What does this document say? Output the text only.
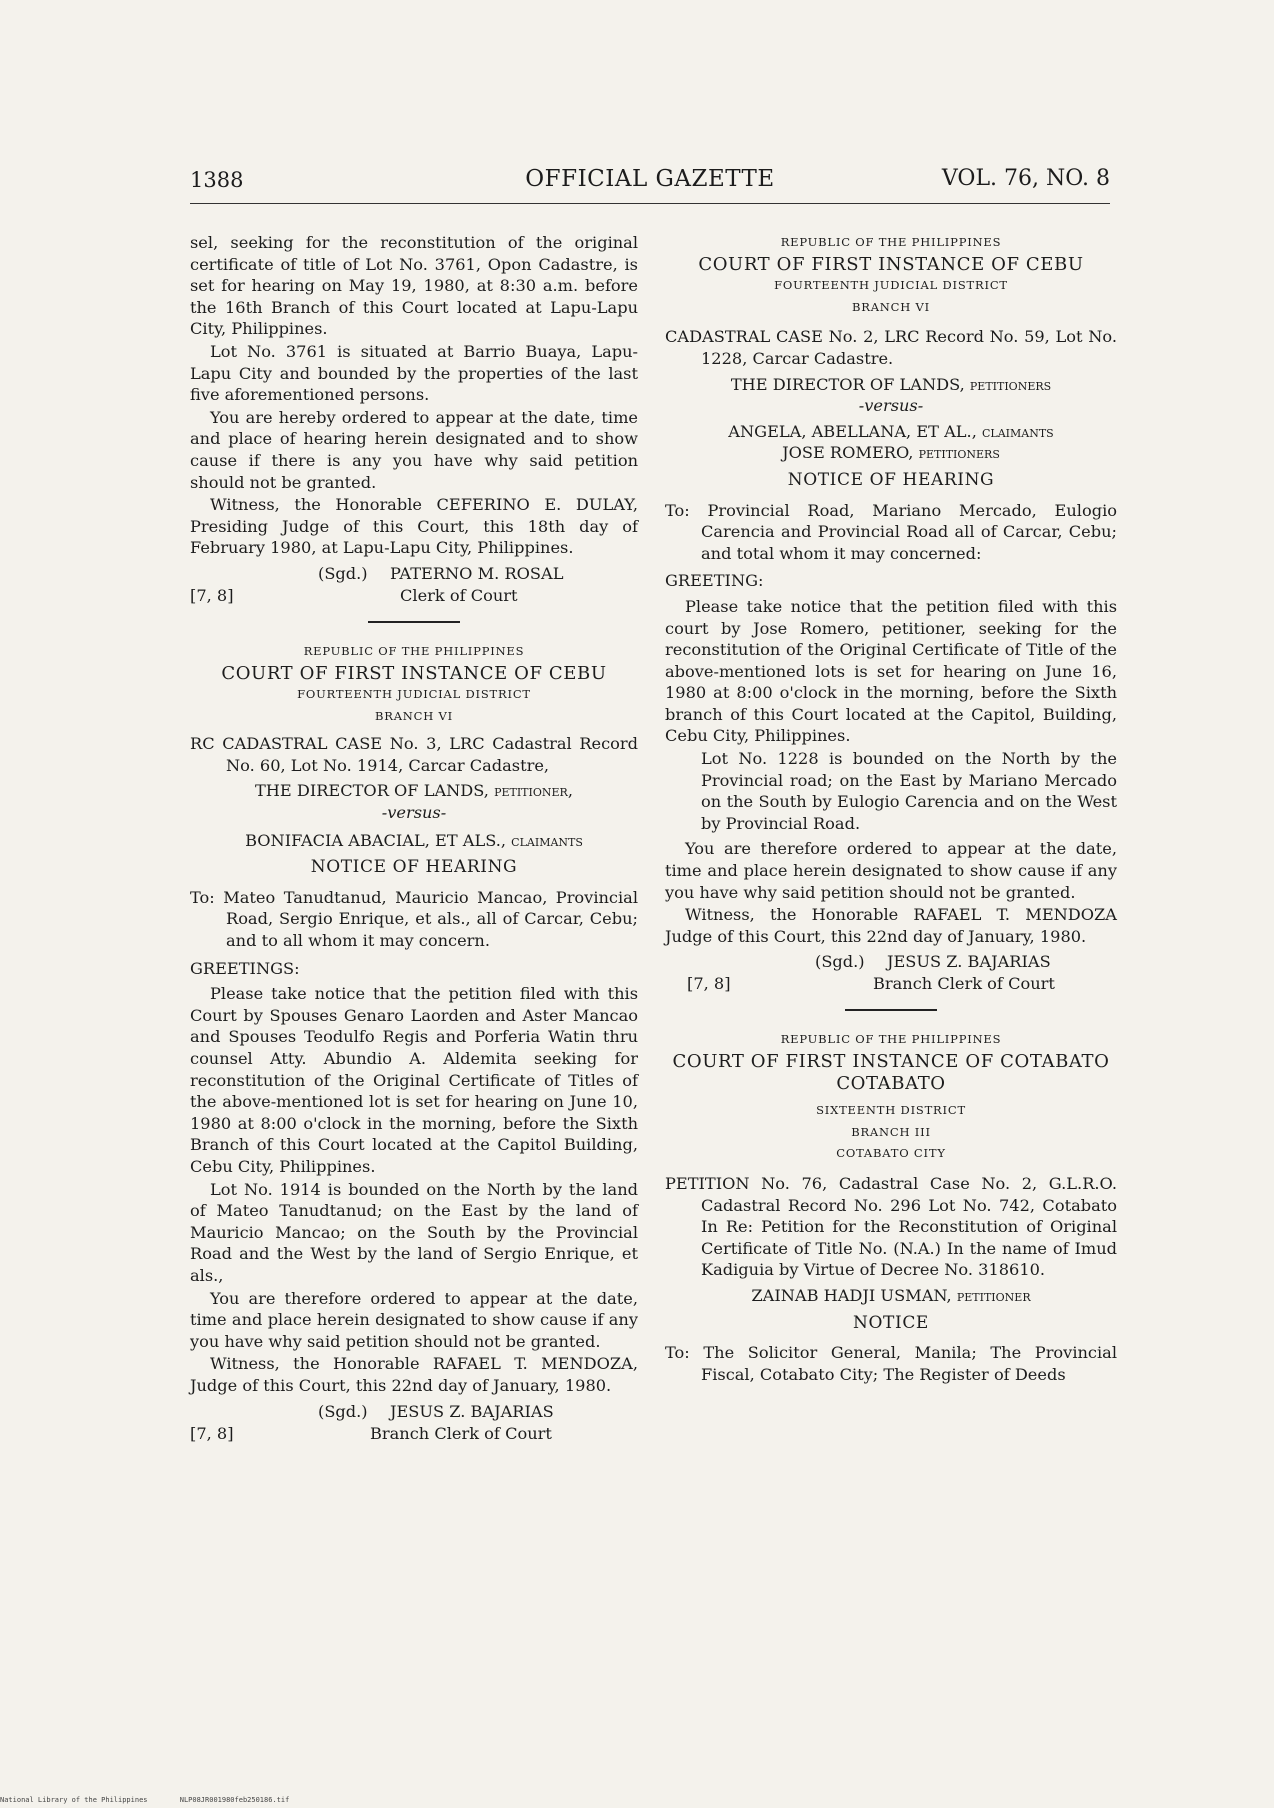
1388	OFFICIAL GAZETTE	VOL. 76, NO. 8

sel, seeking for the reconstitution of the original certificate of title of Lot No. 3761, Opon Cadastre, is set for hearing on May 19, 1980, at 8:30 a.m. before the 16th Branch of this Court located at Lapu-Lapu City, Philippines.

Lot No. 3761 is situated at Barrio Buaya, Lapu-Lapu City and bounded by the properties of the last five aforementioned persons.

You are hereby ordered to appear at the date, time and place of hearing herein designated and to show cause if there is any you have why said petition should not be granted.

Witness, the Honorable CEFERINO E. DULAY, Presiding Judge of this Court, this 18th day of February 1980, at Lapu-Lapu City, Philippines.

(Sgd.) PATERNO M. ROSAL
[7, 8]	Clerk of Court

REPUBLIC OF THE PHILIPPINES

COURT OF FIRST INSTANCE OF CEBU

FOURTEENTH JUDICIAL DISTRICT

BRANCH VI

RC CADASTRAL CASE No. 3, LRC Cadastral Record No. 60, Lot No. 1914, Carcar Cadastre,

THE DIRECTOR OF LANDS, petitioner,

-versus-

BONIFACIA ABACIAL, ET ALS., claimants

NOTICE OF HEARING

To: Mateo Tanudtanud, Mauricio Mancao, Provincial Road, Sergio Enrique, et als., all of Carcar, Cebu; and to all whom it may concern.

GREETINGS:

Please take notice that the petition filed with this Court by Spouses Genaro Laorden and Aster Mancao and Spouses Teodulfo Regis and Porferia Watin thru counsel Atty. Abundio A. Aldemita seeking for reconstitution of the Original Certificate of Titles of the above-mentioned lot is set for hearing on June 10, 1980 at 8:00 o'clock in the morning, before the Sixth Branch of this Court located at the Capitol Building, Cebu City, Philippines.

Lot No. 1914 is bounded on the North by the land of Mateo Tanudtanud; on the East by the land of Mauricio Mancao; on the South by the Provincial Road and the West by the land of Sergio Enrique, et als.,

You are therefore ordered to appear at the date, time and place herein designated to show cause if any you have why said petition should not be granted.

Witness, the Honorable RAFAEL T. MENDOZA, Judge of this Court, this 22nd day of January, 1980.

(Sgd.) JESUS Z. BAJARIAS
[7, 8]	Branch Clerk of Court

REPUBLIC OF THE PHILIPPINES

COURT OF FIRST INSTANCE OF CEBU

FOURTEENTH JUDICIAL DISTRICT

BRANCH VI

CADASTRAL CASE No. 2, LRC Record No. 59, Lot No. 1228, Carcar Cadastre.

THE DIRECTOR OF LANDS, petitioners

-versus-

ANGELA, ABELLANA, ET AL., claimants

JOSE ROMERO, petitioners

NOTICE OF HEARING

To: Provincial Road, Mariano Mercado, Eulogio Carencia and Provincial Road all of Carcar, Cebu; and total whom it may concerned:

GREETING:

Please take notice that the petition filed with this court by Jose Romero, petitioner, seeking for the reconstitution of the Original Certificate of Title of the above-mentioned lots is set for hearing on June 16, 1980 at 8:00 o'clock in the morning, before the Sixth branch of this Court located at the Capitol, Building, Cebu City, Philippines.

Lot No. 1228 is bounded on the North by the Provincial road; on the East by Mariano Mercado on the South by Eulogio Carencia and on the West by Provincial Road.

You are therefore ordered to appear at the date, time and place herein designated to show cause if any you have why said petition should not be granted.

Witness, the Honorable RAFAEL T. MENDOZA Judge of this Court, this 22nd day of January, 1980.

(Sgd.) JESUS Z. BAJARIAS
[7, 8]	Branch Clerk of Court

REPUBLIC OF THE PHILIPPINES

COURT OF FIRST INSTANCE OF COTABATO

COTABATO

SIXTEENTH DISTRICT

BRANCH III

COTABATO CITY

PETITION No. 76, Cadastral Case No. 2, G.L.R.O. Cadastral Record No. 296 Lot No. 742, Cotabato In Re: Petition for the Reconstitution of Original Certificate of Title No. (N.A.) In the name of Imud Kadiguia by Virtue of Decree No. 318610.

ZAINAB HADJI USMAN, petitioner

NOTICE

To: The Solicitor General, Manila; The Provincial Fiscal, Cotabato City; The Register of Deeds

National Library of the Philippines	NLP08JR001980feb250186.tif
